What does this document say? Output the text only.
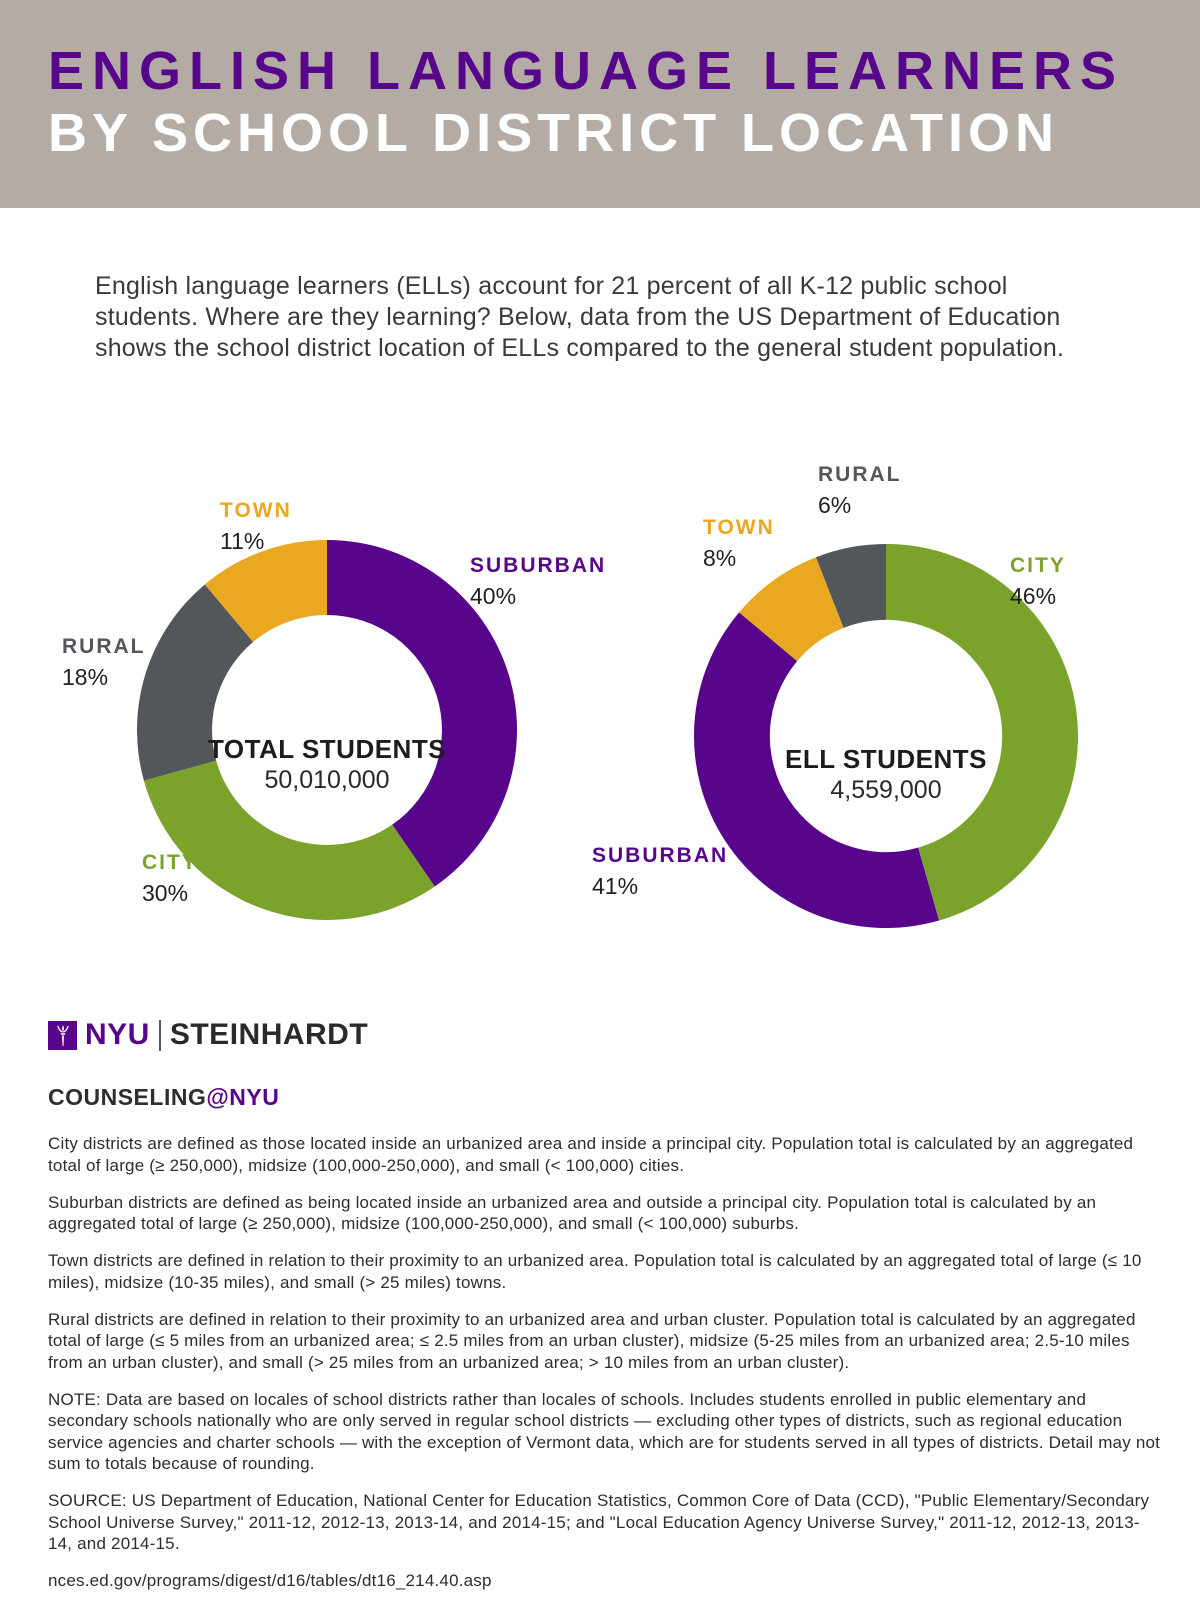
ENGLISH LANGUAGE LEARNERS
BY SCHOOL DISTRICT LOCATION

English language learners (ELLs) account for 21 percent of all K-12 public school students. Where are they learning? Below, data from the US Department of Education shows the school district location of ELLs compared to the general student population.

TOTAL STUDENTS
50,010,000
TOWN
11%
SUBURBAN
40%
RURAL
18%
CITY
30%
ELL STUDENTS
4,559,000
RURAL
6%
TOWN
8%	CITY
46%
SUBURBAN
41%
NYU STEINHARDT
COUNSELING@NYU

City districts are defined as those located inside an urbanized area and inside a principal city. Population total is calculated by an aggregated total of large (≥ 250,000), midsize (100,000-250,000), and small (< 100,000) cities.

Suburban districts are defined as being located inside an urbanized area and outside a principal city. Population total is calculated by an aggregated total of large (≥ 250,000), midsize (100,000-250,000), and small (< 100,000) suburbs.

Town districts are defined in relation to their proximity to an urbanized area. Population total is calculated by an aggregated total of large (≤ 10 miles), midsize (10-35 miles), and small (> 25 miles) towns.

Rural districts are defined in relation to their proximity to an urbanized area and urban cluster. Population total is calculated by an aggregated total of large (≤ 5 miles from an urbanized area; ≤ 2.5 miles from an urban cluster), midsize (5-25 miles from an urbanized area; 2.5-10 miles from an urban cluster), and small (> 25 miles from an urbanized area; > 10 miles from an urban cluster).

NOTE: Data are based on locales of school districts rather than locales of schools. Includes students enrolled in public elementary and secondary schools nationally who are only served in regular school districts — excluding other types of districts, such as regional education service agencies and charter schools — with the exception of Vermont data, which are for students served in all types of districts. Detail may not sum to totals because of rounding.

SOURCE: US Department of Education, National Center for Education Statistics, Common Core of Data (CCD), "Public Elementary/Secondary School Universe Survey," 2011-12, 2012-13, 2013-14, and 2014-15; and "Local Education Agency Universe Survey," 2011-12, 2012-13, 2013-14, and 2014-15.

nces.ed.gov/programs/digest/d16/tables/dt16_214.40.asp
